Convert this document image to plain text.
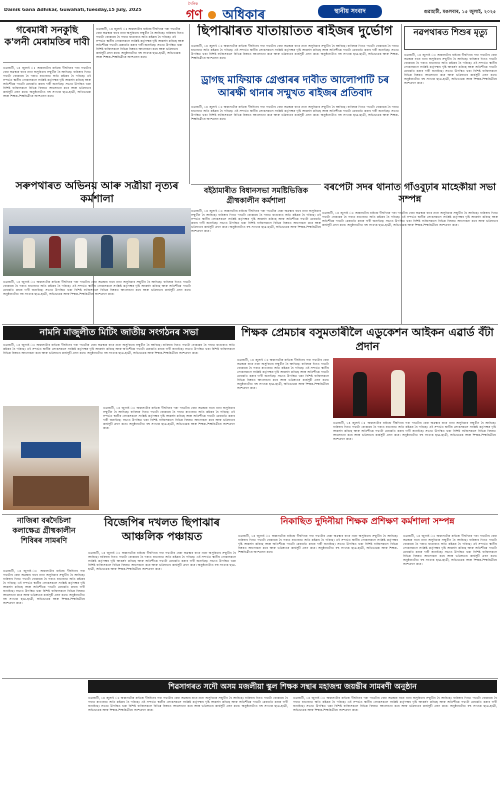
Dainik Gana Adhikar, Guwahati,Tuesday,15 July, 2025
দৈনিক
গণ অধিকাৰ	স্থানীয় সংবাদ	গুৱাহাটী, মঙলবাৰ, ১৫ জুলাই, ২০২৫
গৰেমাৰী সনকুছি ক'লনী মেৰামতিৰ দাবী
গুৱাহাটী, ১৪ জুলাই ঃ অঞ্চলটোৰ ৰাইজে দীৰ্ঘদিনৰ পৰা পথটোৰ বেয়া অৱস্থাৰ বাবে নানা অসুবিধাৰ সন্মুখীন হৈ আহিছে। বাৰিষাৰ দিনত পথটো বোকাময় হৈ পৰাত যাতায়াত অতি কষ্টকৰ হৈ পৰিছে। এই সন্দৰ্ভত স্থানীয় লোকসকলে সংশ্লিষ্ট কৰ্তৃপক্ষৰ দৃষ্টি আকৰ্ষণ কৰিছে আৰু অতিশীঘ্ৰে পথটো মেৰামতি কৰাৰ দাবী জনাইছে। সভাত উপস্থিত থকা বিশিষ্ট ব্যক্তিসকলে বিভিন্ন বিষয়ত আলোচনা কৰে আৰু ভৱিষ্যতৰ কাৰ্যসূচী গ্ৰহণ কৰে। অনুষ্ঠানটোত বহু সংখ্যক ছাত্ৰ-ছাত্ৰী, অভিভাৱক আৰু শিক্ষক-শিক্ষয়িত্ৰীয়ে অংশগ্ৰহণ কৰে।
গুৱাহাটী, ১৪ জুলাই ঃ অঞ্চলটোৰ ৰাইজে দীৰ্ঘদিনৰ পৰা পথটোৰ বেয়া অৱস্থাৰ বাবে নানা অসুবিধাৰ সন্মুখীন হৈ আহিছে। বাৰিষাৰ দিনত পথটো বোকাময় হৈ পৰাত যাতায়াত অতি কষ্টকৰ হৈ পৰিছে। এই সন্দৰ্ভত স্থানীয় লোকসকলে সংশ্লিষ্ট কৰ্তৃপক্ষৰ দৃষ্টি আকৰ্ষণ কৰিছে আৰু অতিশীঘ্ৰে পথটো মেৰামতি কৰাৰ দাবী জনাইছে। সভাত উপস্থিত থকা বিশিষ্ট ব্যক্তিসকলে বিভিন্ন বিষয়ত আলোচনা কৰে আৰু ভৱিষ্যতৰ কাৰ্যসূচী গ্ৰহণ কৰে। অনুষ্ঠানটোত বহু সংখ্যক ছাত্ৰ-ছাত্ৰী, অভিভাৱক আৰু শিক্ষক-শিক্ষয়িত্ৰীয়ে অংশগ্ৰহণ কৰে।
ছিপাঝাৰত যাতায়াতত ৰাইজৰ দুৰ্ভোগ
গুৱাহাটী, ১৪ জুলাই ঃ অঞ্চলটোৰ ৰাইজে দীৰ্ঘদিনৰ পৰা পথটোৰ বেয়া অৱস্থাৰ বাবে নানা অসুবিধাৰ সন্মুখীন হৈ আহিছে। বাৰিষাৰ দিনত পথটো বোকাময় হৈ পৰাত যাতায়াত অতি কষ্টকৰ হৈ পৰিছে। এই সন্দৰ্ভত স্থানীয় লোকসকলে সংশ্লিষ্ট কৰ্তৃপক্ষৰ দৃষ্টি আকৰ্ষণ কৰিছে আৰু অতিশীঘ্ৰে পথটো মেৰামতি কৰাৰ দাবী জনাইছে। সভাত উপস্থিত থকা বিশিষ্ট ব্যক্তিসকলে বিভিন্ন বিষয়ত আলোচনা কৰে আৰু ভৱিষ্যতৰ কাৰ্যসূচী গ্ৰহণ কৰে। অনুষ্ঠানটোত বহু সংখ্যক ছাত্ৰ-ছাত্ৰী, অভিভাৱক আৰু শিক্ষক-শিক্ষয়িত্ৰীয়ে অংশগ্ৰহণ কৰে।
ড্ৰাগছ মাফিয়াক গ্ৰেপ্তাৰৰ দাবীত আলোপাটি চৰ আৰক্ষী থানাৰ সন্মুখত ৰাইজৰ প্ৰতিবাদ
গুৱাহাটী, ১৪ জুলাই ঃ অঞ্চলটোৰ ৰাইজে দীৰ্ঘদিনৰ পৰা পথটোৰ বেয়া অৱস্থাৰ বাবে নানা অসুবিধাৰ সন্মুখীন হৈ আহিছে। বাৰিষাৰ দিনত পথটো বোকাময় হৈ পৰাত যাতায়াত অতি কষ্টকৰ হৈ পৰিছে। এই সন্দৰ্ভত স্থানীয় লোকসকলে সংশ্লিষ্ট কৰ্তৃপক্ষৰ দৃষ্টি আকৰ্ষণ কৰিছে আৰু অতিশীঘ্ৰে পথটো মেৰামতি কৰাৰ দাবী জনাইছে। সভাত উপস্থিত থকা বিশিষ্ট ব্যক্তিসকলে বিভিন্ন বিষয়ত আলোচনা কৰে আৰু ভৱিষ্যতৰ কাৰ্যসূচী গ্ৰহণ কৰে। অনুষ্ঠানটোত বহু সংখ্যক ছাত্ৰ-ছাত্ৰী, অভিভাৱক আৰু শিক্ষক-শিক্ষয়িত্ৰীয়ে অংশগ্ৰহণ কৰে।
নৱপথাৰত শিশুৰ মৃত্যু
গুৱাহাটী, ১৪ জুলাই ঃ অঞ্চলটোৰ ৰাইজে দীৰ্ঘদিনৰ পৰা পথটোৰ বেয়া অৱস্থাৰ বাবে নানা অসুবিধাৰ সন্মুখীন হৈ আহিছে। বাৰিষাৰ দিনত পথটো বোকাময় হৈ পৰাত যাতায়াত অতি কষ্টকৰ হৈ পৰিছে। এই সন্দৰ্ভত স্থানীয় লোকসকলে সংশ্লিষ্ট কৰ্তৃপক্ষৰ দৃষ্টি আকৰ্ষণ কৰিছে আৰু অতিশীঘ্ৰে পথটো মেৰামতি কৰাৰ দাবী জনাইছে। সভাত উপস্থিত থকা বিশিষ্ট ব্যক্তিসকলে বিভিন্ন বিষয়ত আলোচনা কৰে আৰু ভৱিষ্যতৰ কাৰ্যসূচী গ্ৰহণ কৰে। অনুষ্ঠানটোত বহু সংখ্যক ছাত্ৰ-ছাত্ৰী, অভিভাৱক আৰু শিক্ষক-শিক্ষয়িত্ৰীয়ে অংশগ্ৰহণ কৰে।
সৰুপথাৰত অভিনয় আৰু সত্ৰীয়া নৃত্যৰ কৰ্মশালা
গুৱাহাটী, ১৪ জুলাই ঃ অঞ্চলটোৰ ৰাইজে দীৰ্ঘদিনৰ পৰা পথটোৰ বেয়া অৱস্থাৰ বাবে নানা অসুবিধাৰ সন্মুখীন হৈ আহিছে। বাৰিষাৰ দিনত পথটো বোকাময় হৈ পৰাত যাতায়াত অতি কষ্টকৰ হৈ পৰিছে। এই সন্দৰ্ভত স্থানীয় লোকসকলে সংশ্লিষ্ট কৰ্তৃপক্ষৰ দৃষ্টি আকৰ্ষণ কৰিছে আৰু অতিশীঘ্ৰে পথটো মেৰামতি কৰাৰ দাবী জনাইছে। সভাত উপস্থিত থকা বিশিষ্ট ব্যক্তিসকলে বিভিন্ন বিষয়ত আলোচনা কৰে আৰু ভৱিষ্যতৰ কাৰ্যসূচী গ্ৰহণ কৰে। অনুষ্ঠানটোত বহু সংখ্যক ছাত্ৰ-ছাত্ৰী, অভিভাৱক আৰু শিক্ষক-শিক্ষয়িত্ৰীয়ে অংশগ্ৰহণ কৰে।
বইঠামাৰীত বিধানসভা সমষ্টিভিত্তিক গ্ৰীষ্মকালীন কৰ্মশালা
গুৱাহাটী, ১৪ জুলাই ঃ অঞ্চলটোৰ ৰাইজে দীৰ্ঘদিনৰ পৰা পথটোৰ বেয়া অৱস্থাৰ বাবে নানা অসুবিধাৰ সন্মুখীন হৈ আহিছে। বাৰিষাৰ দিনত পথটো বোকাময় হৈ পৰাত যাতায়াত অতি কষ্টকৰ হৈ পৰিছে। এই সন্দৰ্ভত স্থানীয় লোকসকলে সংশ্লিষ্ট কৰ্তৃপক্ষৰ দৃষ্টি আকৰ্ষণ কৰিছে আৰু অতিশীঘ্ৰে পথটো মেৰামতি কৰাৰ দাবী জনাইছে। সভাত উপস্থিত থকা বিশিষ্ট ব্যক্তিসকলে বিভিন্ন বিষয়ত আলোচনা কৰে আৰু ভৱিষ্যতৰ কাৰ্যসূচী গ্ৰহণ কৰে। অনুষ্ঠানটোত বহু সংখ্যক ছাত্ৰ-ছাত্ৰী, অভিভাৱক আৰু শিক্ষক-শিক্ষয়িত্ৰীয়ে অংশগ্ৰহণ কৰে।
বৰপেটা সদৰ থানাত গাঁওবুঢ়াৰ মাহেকীয়া সভা সম্পন্ন
গুৱাহাটী, ১৪ জুলাই ঃ অঞ্চলটোৰ ৰাইজে দীৰ্ঘদিনৰ পৰা পথটোৰ বেয়া অৱস্থাৰ বাবে নানা অসুবিধাৰ সন্মুখীন হৈ আহিছে। বাৰিষাৰ দিনত পথটো বোকাময় হৈ পৰাত যাতায়াত অতি কষ্টকৰ হৈ পৰিছে। এই সন্দৰ্ভত স্থানীয় লোকসকলে সংশ্লিষ্ট কৰ্তৃপক্ষৰ দৃষ্টি আকৰ্ষণ কৰিছে আৰু অতিশীঘ্ৰে পথটো মেৰামতি কৰাৰ দাবী জনাইছে। সভাত উপস্থিত থকা বিশিষ্ট ব্যক্তিসকলে বিভিন্ন বিষয়ত আলোচনা কৰে আৰু ভৱিষ্যতৰ কাৰ্যসূচী গ্ৰহণ কৰে। অনুষ্ঠানটোত বহু সংখ্যক ছাত্ৰ-ছাত্ৰী, অভিভাৱক আৰু শিক্ষক-শিক্ষয়িত্ৰীয়ে অংশগ্ৰহণ কৰে।
নামনি মাজুলীত মিটিং জাতীয় সংগঠনৰ সভা
গুৱাহাটী, ১৪ জুলাই ঃ অঞ্চলটোৰ ৰাইজে দীৰ্ঘদিনৰ পৰা পথটোৰ বেয়া অৱস্থাৰ বাবে নানা অসুবিধাৰ সন্মুখীন হৈ আহিছে। বাৰিষাৰ দিনত পথটো বোকাময় হৈ পৰাত যাতায়াত অতি কষ্টকৰ হৈ পৰিছে। এই সন্দৰ্ভত স্থানীয় লোকসকলে সংশ্লিষ্ট কৰ্তৃপক্ষৰ দৃষ্টি আকৰ্ষণ কৰিছে আৰু অতিশীঘ্ৰে পথটো মেৰামতি কৰাৰ দাবী জনাইছে। সভাত উপস্থিত থকা বিশিষ্ট ব্যক্তিসকলে বিভিন্ন বিষয়ত আলোচনা কৰে আৰু ভৱিষ্যতৰ কাৰ্যসূচী গ্ৰহণ কৰে। অনুষ্ঠানটোত বহু সংখ্যক ছাত্ৰ-ছাত্ৰী, অভিভাৱক আৰু শিক্ষক-শিক্ষয়িত্ৰীয়ে অংশগ্ৰহণ কৰে।
গুৱাহাটী, ১৪ জুলাই ঃ অঞ্চলটোৰ ৰাইজে দীৰ্ঘদিনৰ পৰা পথটোৰ বেয়া অৱস্থাৰ বাবে নানা অসুবিধাৰ সন্মুখীন হৈ আহিছে। বাৰিষাৰ দিনত পথটো বোকাময় হৈ পৰাত যাতায়াত অতি কষ্টকৰ হৈ পৰিছে। এই সন্দৰ্ভত স্থানীয় লোকসকলে সংশ্লিষ্ট কৰ্তৃপক্ষৰ দৃষ্টি আকৰ্ষণ কৰিছে আৰু অতিশীঘ্ৰে পথটো মেৰামতি কৰাৰ দাবী জনাইছে। সভাত উপস্থিত থকা বিশিষ্ট ব্যক্তিসকলে বিভিন্ন বিষয়ত আলোচনা কৰে আৰু ভৱিষ্যতৰ কাৰ্যসূচী গ্ৰহণ কৰে। অনুষ্ঠানটোত বহু সংখ্যক ছাত্ৰ-ছাত্ৰী, অভিভাৱক আৰু শিক্ষক-শিক্ষয়িত্ৰীয়ে অংশগ্ৰহণ কৰে।
শিক্ষক প্ৰেমচাৰ বসুমতাৰীলৈ এডুকেশন আইকন এৱাৰ্ড বঁটা প্ৰদান
গুৱাহাটী, ১৪ জুলাই ঃ অঞ্চলটোৰ ৰাইজে দীৰ্ঘদিনৰ পৰা পথটোৰ বেয়া অৱস্থাৰ বাবে নানা অসুবিধাৰ সন্মুখীন হৈ আহিছে। বাৰিষাৰ দিনত পথটো বোকাময় হৈ পৰাত যাতায়াত অতি কষ্টকৰ হৈ পৰিছে। এই সন্দৰ্ভত স্থানীয় লোকসকলে সংশ্লিষ্ট কৰ্তৃপক্ষৰ দৃষ্টি আকৰ্ষণ কৰিছে আৰু অতিশীঘ্ৰে পথটো মেৰামতি কৰাৰ দাবী জনাইছে। সভাত উপস্থিত থকা বিশিষ্ট ব্যক্তিসকলে বিভিন্ন বিষয়ত আলোচনা কৰে আৰু ভৱিষ্যতৰ কাৰ্যসূচী গ্ৰহণ কৰে। অনুষ্ঠানটোত বহু সংখ্যক ছাত্ৰ-ছাত্ৰী, অভিভাৱক আৰু শিক্ষক-শিক্ষয়িত্ৰীয়ে অংশগ্ৰহণ কৰে।
গুৱাহাটী, ১৪ জুলাই ঃ অঞ্চলটোৰ ৰাইজে দীৰ্ঘদিনৰ পৰা পথটোৰ বেয়া অৱস্থাৰ বাবে নানা অসুবিধাৰ সন্মুখীন হৈ আহিছে। বাৰিষাৰ দিনত পথটো বোকাময় হৈ পৰাত যাতায়াত অতি কষ্টকৰ হৈ পৰিছে। এই সন্দৰ্ভত স্থানীয় লোকসকলে সংশ্লিষ্ট কৰ্তৃপক্ষৰ দৃষ্টি আকৰ্ষণ কৰিছে আৰু অতিশীঘ্ৰে পথটো মেৰামতি কৰাৰ দাবী জনাইছে। সভাত উপস্থিত থকা বিশিষ্ট ব্যক্তিসকলে বিভিন্ন বিষয়ত আলোচনা কৰে আৰু ভৱিষ্যতৰ কাৰ্যসূচী গ্ৰহণ কৰে। অনুষ্ঠানটোত বহু সংখ্যক ছাত্ৰ-ছাত্ৰী, অভিভাৱক আৰু শিক্ষক-শিক্ষয়িত্ৰীয়ে অংশগ্ৰহণ কৰে।
নাজিৰা বৰদৈচিলা কলাক্ষেত্ৰ গ্ৰীষ্মকালীন শিবিৰৰ সামৰণি
গুৱাহাটী, ১৪ জুলাই ঃ অঞ্চলটোৰ ৰাইজে দীৰ্ঘদিনৰ পৰা পথটোৰ বেয়া অৱস্থাৰ বাবে নানা অসুবিধাৰ সন্মুখীন হৈ আহিছে। বাৰিষাৰ দিনত পথটো বোকাময় হৈ পৰাত যাতায়াত অতি কষ্টকৰ হৈ পৰিছে। এই সন্দৰ্ভত স্থানীয় লোকসকলে সংশ্লিষ্ট কৰ্তৃপক্ষৰ দৃষ্টি আকৰ্ষণ কৰিছে আৰু অতিশীঘ্ৰে পথটো মেৰামতি কৰাৰ দাবী জনাইছে। সভাত উপস্থিত থকা বিশিষ্ট ব্যক্তিসকলে বিভিন্ন বিষয়ত আলোচনা কৰে আৰু ভৱিষ্যতৰ কাৰ্যসূচী গ্ৰহণ কৰে। অনুষ্ঠানটোত বহু সংখ্যক ছাত্ৰ-ছাত্ৰী, অভিভাৱক আৰু শিক্ষক-শিক্ষয়িত্ৰীয়ে অংশগ্ৰহণ কৰে।
বিজেপিৰ দখলত ছিপাঝাৰ আঞ্চলিক পঞ্চায়ত
গুৱাহাটী, ১৪ জুলাই ঃ অঞ্চলটোৰ ৰাইজে দীৰ্ঘদিনৰ পৰা পথটোৰ বেয়া অৱস্থাৰ বাবে নানা অসুবিধাৰ সন্মুখীন হৈ আহিছে। বাৰিষাৰ দিনত পথটো বোকাময় হৈ পৰাত যাতায়াত অতি কষ্টকৰ হৈ পৰিছে। এই সন্দৰ্ভত স্থানীয় লোকসকলে সংশ্লিষ্ট কৰ্তৃপক্ষৰ দৃষ্টি আকৰ্ষণ কৰিছে আৰু অতিশীঘ্ৰে পথটো মেৰামতি কৰাৰ দাবী জনাইছে। সভাত উপস্থিত থকা বিশিষ্ট ব্যক্তিসকলে বিভিন্ন বিষয়ত আলোচনা কৰে আৰু ভৱিষ্যতৰ কাৰ্যসূচী গ্ৰহণ কৰে। অনুষ্ঠানটোত বহু সংখ্যক ছাত্ৰ-ছাত্ৰী, অভিভাৱক আৰু শিক্ষক-শিক্ষয়িত্ৰীয়ে অংশগ্ৰহণ কৰে।
নিকাছিত দুদিনীয়া শিক্ষক প্ৰশিক্ষণ কৰ্মশালা সম্পন্ন
গুৱাহাটী, ১৪ জুলাই ঃ অঞ্চলটোৰ ৰাইজে দীৰ্ঘদিনৰ পৰা পথটোৰ বেয়া অৱস্থাৰ বাবে নানা অসুবিধাৰ সন্মুখীন হৈ আহিছে। বাৰিষাৰ দিনত পথটো বোকাময় হৈ পৰাত যাতায়াত অতি কষ্টকৰ হৈ পৰিছে। এই সন্দৰ্ভত স্থানীয় লোকসকলে সংশ্লিষ্ট কৰ্তৃপক্ষৰ দৃষ্টি আকৰ্ষণ কৰিছে আৰু অতিশীঘ্ৰে পথটো মেৰামতি কৰাৰ দাবী জনাইছে। সভাত উপস্থিত থকা বিশিষ্ট ব্যক্তিসকলে বিভিন্ন বিষয়ত আলোচনা কৰে আৰু ভৱিষ্যতৰ কাৰ্যসূচী গ্ৰহণ কৰে। অনুষ্ঠানটোত বহু সংখ্যক ছাত্ৰ-ছাত্ৰী, অভিভাৱক আৰু শিক্ষক-শিক্ষয়িত্ৰীয়ে অংশগ্ৰহণ কৰে।
গুৱাহাটী, ১৪ জুলাই ঃ অঞ্চলটোৰ ৰাইজে দীৰ্ঘদিনৰ পৰা পথটোৰ বেয়া অৱস্থাৰ বাবে নানা অসুবিধাৰ সন্মুখীন হৈ আহিছে। বাৰিষাৰ দিনত পথটো বোকাময় হৈ পৰাত যাতায়াত অতি কষ্টকৰ হৈ পৰিছে। এই সন্দৰ্ভত স্থানীয় লোকসকলে সংশ্লিষ্ট কৰ্তৃপক্ষৰ দৃষ্টি আকৰ্ষণ কৰিছে আৰু অতিশীঘ্ৰে পথটো মেৰামতি কৰাৰ দাবী জনাইছে। সভাত উপস্থিত থকা বিশিষ্ট ব্যক্তিসকলে বিভিন্ন বিষয়ত আলোচনা কৰে আৰু ভৱিষ্যতৰ কাৰ্যসূচী গ্ৰহণ কৰে। অনুষ্ঠানটোত বহু সংখ্যক ছাত্ৰ-ছাত্ৰী, অভিভাৱক আৰু শিক্ষক-শিক্ষয়িত্ৰীয়ে অংশগ্ৰহণ কৰে।
শিৱসাগৰত সদৌ অসম মজলীয়া স্কুল শিক্ষক সন্থাৰ মহাজন্ম জয়ন্তীৰ সামৰণী অনুষ্ঠান
গুৱাহাটী, ১৪ জুলাই ঃ অঞ্চলটোৰ ৰাইজে দীৰ্ঘদিনৰ পৰা পথটোৰ বেয়া অৱস্থাৰ বাবে নানা অসুবিধাৰ সন্মুখীন হৈ আহিছে। বাৰিষাৰ দিনত পথটো বোকাময় হৈ পৰাত যাতায়াত অতি কষ্টকৰ হৈ পৰিছে। এই সন্দৰ্ভত স্থানীয় লোকসকলে সংশ্লিষ্ট কৰ্তৃপক্ষৰ দৃষ্টি আকৰ্ষণ কৰিছে আৰু অতিশীঘ্ৰে পথটো মেৰামতি কৰাৰ দাবী জনাইছে। সভাত উপস্থিত থকা বিশিষ্ট ব্যক্তিসকলে বিভিন্ন বিষয়ত আলোচনা কৰে আৰু ভৱিষ্যতৰ কাৰ্যসূচী গ্ৰহণ কৰে। অনুষ্ঠানটোত বহু সংখ্যক ছাত্ৰ-ছাত্ৰী, অভিভাৱক আৰু শিক্ষক-শিক্ষয়িত্ৰীয়ে অংশগ্ৰহণ কৰে।
গুৱাহাটী, ১৪ জুলাই ঃ অঞ্চলটোৰ ৰাইজে দীৰ্ঘদিনৰ পৰা পথটোৰ বেয়া অৱস্থাৰ বাবে নানা অসুবিধাৰ সন্মুখীন হৈ আহিছে। বাৰিষাৰ দিনত পথটো বোকাময় হৈ পৰাত যাতায়াত অতি কষ্টকৰ হৈ পৰিছে। এই সন্দৰ্ভত স্থানীয় লোকসকলে সংশ্লিষ্ট কৰ্তৃপক্ষৰ দৃষ্টি আকৰ্ষণ কৰিছে আৰু অতিশীঘ্ৰে পথটো মেৰামতি কৰাৰ দাবী জনাইছে। সভাত উপস্থিত থকা বিশিষ্ট ব্যক্তিসকলে বিভিন্ন বিষয়ত আলোচনা কৰে আৰু ভৱিষ্যতৰ কাৰ্যসূচী গ্ৰহণ কৰে। অনুষ্ঠানটোত বহু সংখ্যক ছাত্ৰ-ছাত্ৰী, অভিভাৱক আৰু শিক্ষক-শিক্ষয়িত্ৰীয়ে অংশগ্ৰহণ কৰে।
